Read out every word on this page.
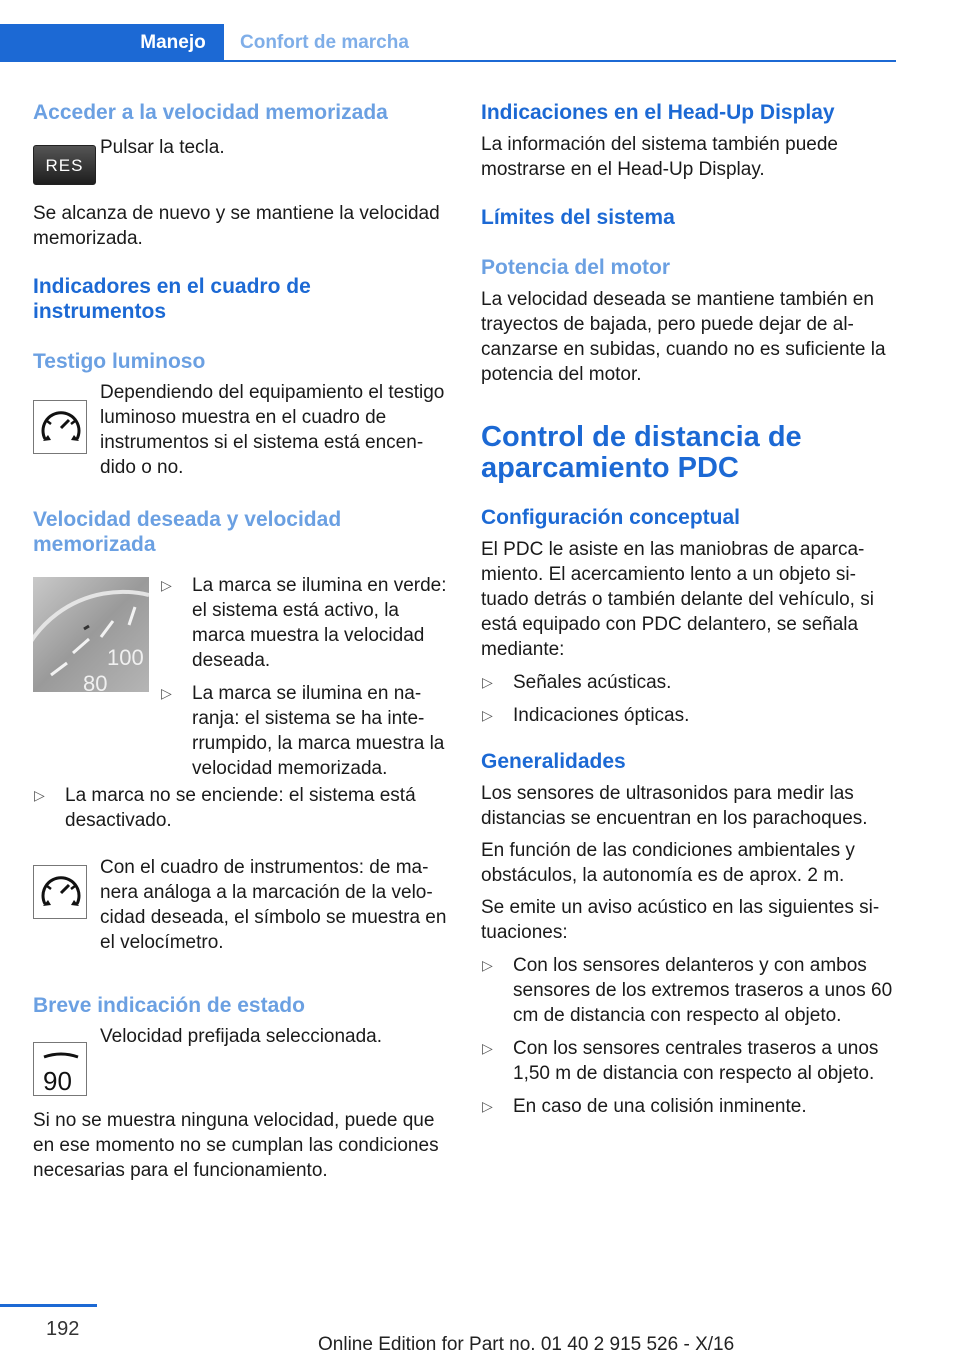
Manejo	Confort de marcha
Acceder a la velocidad memorizada
RES
Pulsar la tecla.

Se alcanza de nuevo y se mantiene la velocidad memorizada.

Indicadores en el cuadro de instrumentos
Testigo luminoso
Dependiendo del equipamiento el testigo luminoso muestra en el cuadro de instrumentos si el sistema está encendido o no.
Velocidad deseada y velocidad memorizada
100
80
▷ La marca se ilumina en verde: el sistema está activo, la marca muestra la velocidad deseada.
▷ La marca se ilumina en naranja: el sistema se ha interrumpido, la marca muestra la velocidad memorizada.
▷ La marca no se enciende: el sistema está desactivado.
Con el cuadro de instrumentos: de manera análoga a la marcación de la velocidad deseada, el símbolo se muestra en el velocímetro.
Breve indicación de estado
90
Velocidad prefijada seleccionada.

Si no se muestra ninguna velocidad, puede que en ese momento no se cumplan las condiciones necesarias para el funcionamiento.

Indicaciones en el Head-Up Display

La información del sistema también puede mostrarse en el Head-Up Display.

Límites del sistema
Potencia del motor

La velocidad deseada se mantiene también en trayectos de bajada, pero puede dejar de alcanzarse en subidas, cuando no es suficiente la potencia del motor.

Control de distancia de aparcamiento PDC
Configuración conceptual

El PDC le asiste en las maniobras de aparcamiento. El acercamiento lento a un objeto situado detrás o también delante del vehículo, si está equipado con PDC delantero, se señala mediante:

▷ Señales acústicas.
▷ Indicaciones ópticas.
Generalidades

Los sensores de ultrasonidos para medir las distancias se encuentran en los parachoques.

En función de las condiciones ambientales y obstáculos, la autonomía es de aprox. 2 m.

Se emite un aviso acústico en las siguientes situaciones:

▷ Con los sensores delanteros y con ambos sensores de los extremos traseros a unos 60 cm de distancia con respecto al objeto.
▷ Con los sensores centrales traseros a unos 1,50 m de distancia con respecto al objeto.
▷ En caso de una colisión inminente.
192
Online Edition for Part no. 01 40 2 915 526 - X/16
